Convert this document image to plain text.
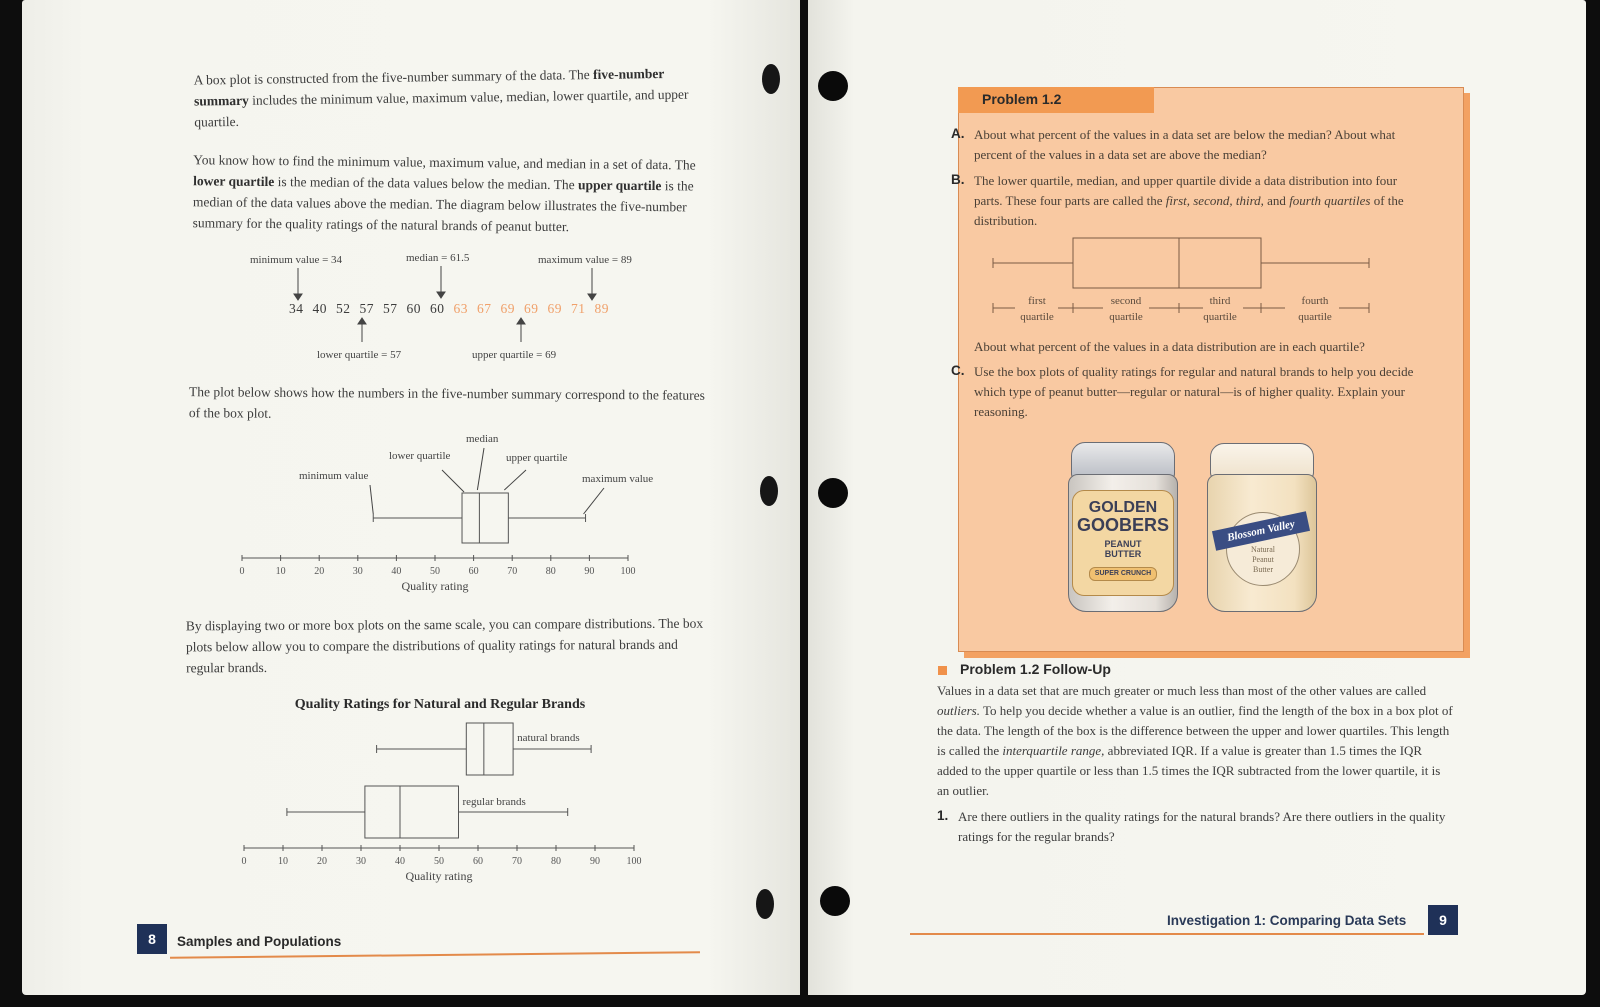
A box plot is constructed from the five-number summary of the data. The five-number summary includes the minimum value, maximum value, median, lower quartile, and upper quartile.

You know how to find the minimum value, maximum value, and median in a set of data. The lower quartile is the median of the data values below the median. The upper quartile is the median of the data values above the median. The diagram below illustrates the five-number summary for the quality ratings of the natural brands of peanut butter.

minimum value = 34	median = 61.5	maximum value = 89
34 40 52 57 57 60 60 63 67 69 69 69 71 89
lower quartile = 57	upper quartile = 69

The plot below shows how the numbers in the five-number summary correspond to the features of the box plot.

median
lower quartile	upper quartile
minimum value	maximum value
0	10	20	30	40	50	60	70	80	90	100
Quality rating

By displaying two or more box plots on the same scale, you can compare distributions. The box plots below allow you to compare the distributions of quality ratings for natural brands and regular brands.

Quality Ratings for Natural and Regular Brands
0	10	20	30	40	50	60	70	80	90	100
Quality rating
natural brands
regular brands
8	Samples and Populations
Problem 1.2
A. About what percent of the values in a data set are below the median? About what percent of the values in a data set are above the median?

B. The lower quartile, median, and upper quartile divide a data distribution into four parts. These four parts are called the first, second, third, and fourth quartiles of the distribution.

first
quartile
second
quartile
third
quartile
fourth
quartile

About what percent of the values in a data distribution are in each quartile?

C. Use the box plots of quality ratings for regular and natural brands to help you decide which type of peanut butter—regular or natural—is of higher quality. Explain your reasoning.

GOLDEN
GOOBERS
PEANUT
BUTTER
SUPER CRUNCH
Blossom Valley
Natural
Peanut
Butter
Problem 1.2 Follow-Up

Values in a data set that are much greater or much less than most of the other values are called outliers. To help you decide whether a value is an outlier, find the length of the box in a box plot of the data. The length of the box is the difference between the upper and lower quartiles. This length is called the interquartile range, abbreviated IQR. If a value is greater than 1.5 times the IQR added to the upper quartile or less than 1.5 times the IQR subtracted from the lower quartile, it is an outlier.

1. Are there outliers in the quality ratings for the natural brands? Are there outliers in the quality ratings for the regular brands?

Investigation 1: Comparing Data Sets	9
